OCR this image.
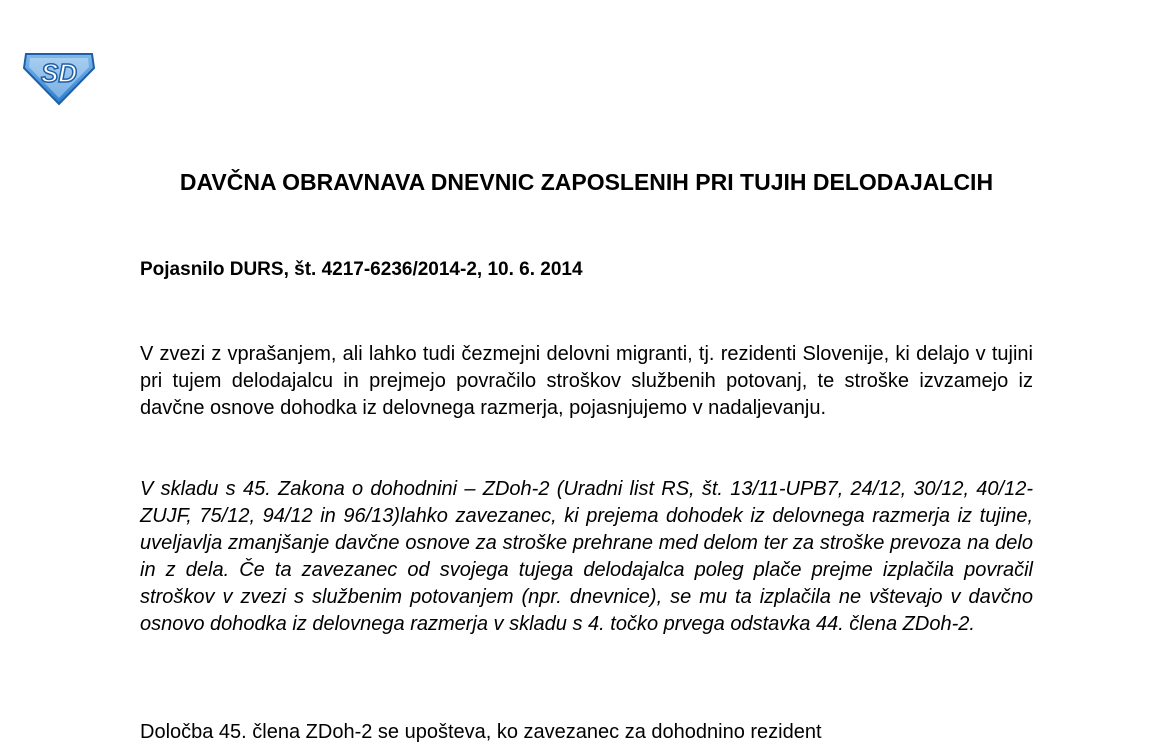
SD
DAVČNA OBRAVNAVA DNEVNIC ZAPOSLENIH PRI TUJIH DELODAJALCIH

Pojasnilo DURS, št. 4217-6236/2014-2, 10. 6. 2014

V zvezi z vprašanjem, ali lahko tudi čezmejni delovni migranti, tj. rezidenti Slovenije, ki delajo v tujini pri tujem delodajalcu in prejmejo povračilo stroškov službenih potovanj, te stroške izvzamejo iz davčne osnove dohodka iz delovnega razmerja, pojasnjujemo v nadaljevanju.

V skladu s 45. Zakona o dohodnini – ZDoh-2 (Uradni list RS, št. 13/11-UPB7, 24/12, 30/12, 40/12- ZUJF, 75/12, 94/12 in 96/13)lahko zavezanec, ki prejema dohodek iz delovnega razmerja iz tujine, uveljavlja zmanjšanje davčne osnove za stroške prehrane med delom ter za stroške prevoza na delo in z dela. Če ta zavezanec od svojega tujega delodajalca poleg plače prejme izplačila povračil stroškov v zvezi s službenim potovanjem (npr. dnevnice), se mu ta izplačila ne vštevajo v davčno osnovo dohodka iz delovnega razmerja v skladu s 4. točko prvega odstavka 44. člena ZDoh-2.

Določba 45. člena ZDoh-2 se upošteva, ko zavezanec za dohodnino rezident
